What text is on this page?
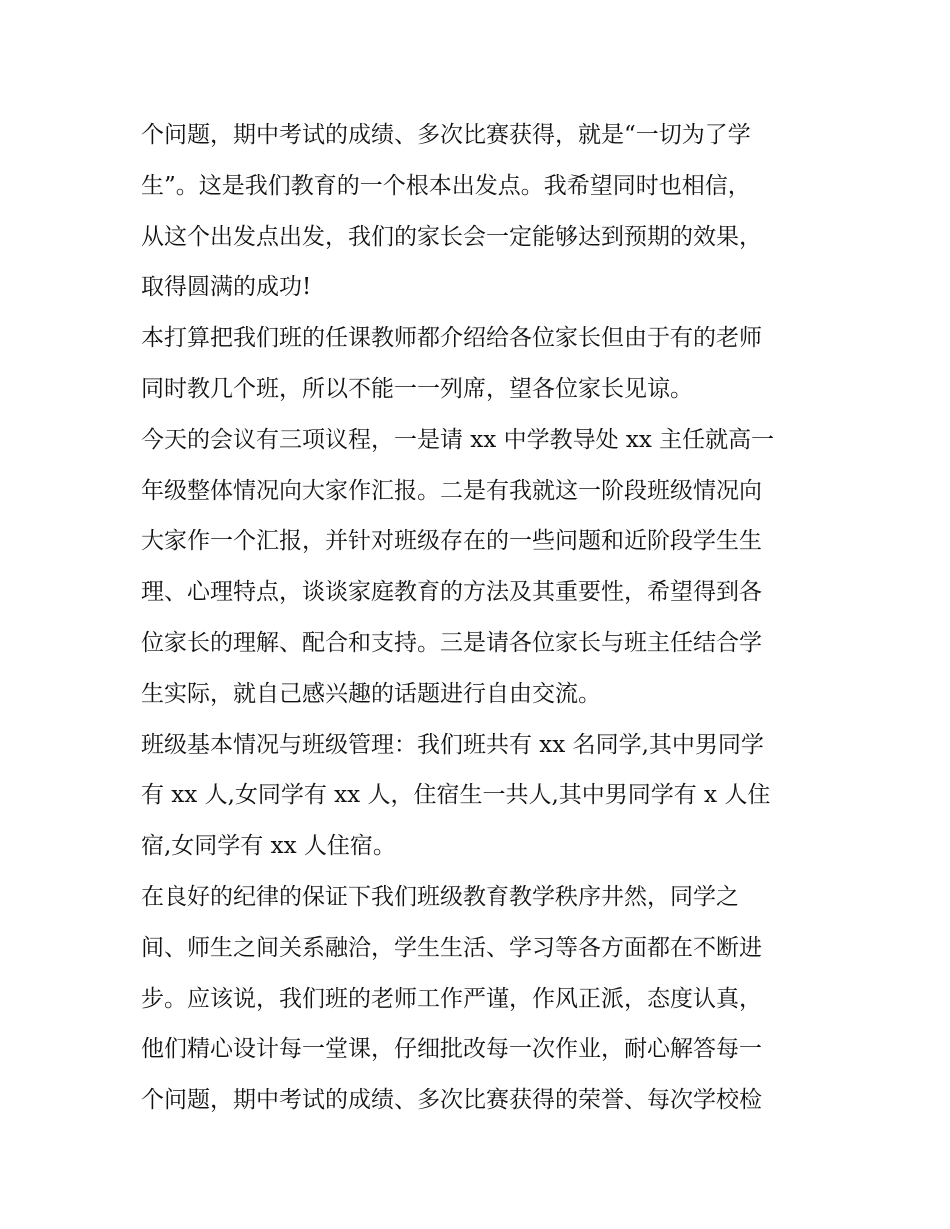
个问题，期中考试的成绩、多次比赛获得，就是“一切为了学
生”。这是我们教育的一个根本出发点。我希望同时也相信，
从这个出发点出发，我们的家长会一定能够达到预期的效果，
取得圆满的成功!
本打算把我们班的任课教师都介绍给各位家长但由于有的老师
同时教几个班，所以不能一一列席，望各位家长见谅。
今天的会议有三项议程，一是请 xx 中学教导处 xx 主任就高一
年级整体情况向大家作汇报。二是有我就这一阶段班级情况向
大家作一个汇报，并针对班级存在的一些问题和近阶段学生生
理、心理特点，谈谈家庭教育的方法及其重要性，希望得到各
位家长的理解、配合和支持。三是请各位家长与班主任结合学
生实际，就自己感兴趣的话题进行自由交流。
班级基本情况与班级管理：我们班共有 xx 名同学,其中男同学
有 xx 人,女同学有 xx 人，住宿生一共人,其中男同学有 x 人住
宿,女同学有 xx 人住宿。
在良好的纪律的保证下我们班级教育教学秩序井然，同学之
间、师生之间关系融洽，学生生活、学习等各方面都在不断进
步。应该说，我们班的老师工作严谨，作风正派，态度认真，
他们精心设计每一堂课，仔细批改每一次作业，耐心解答每一
个问题，期中考试的成绩、多次比赛获得的荣誉、每次学校检
